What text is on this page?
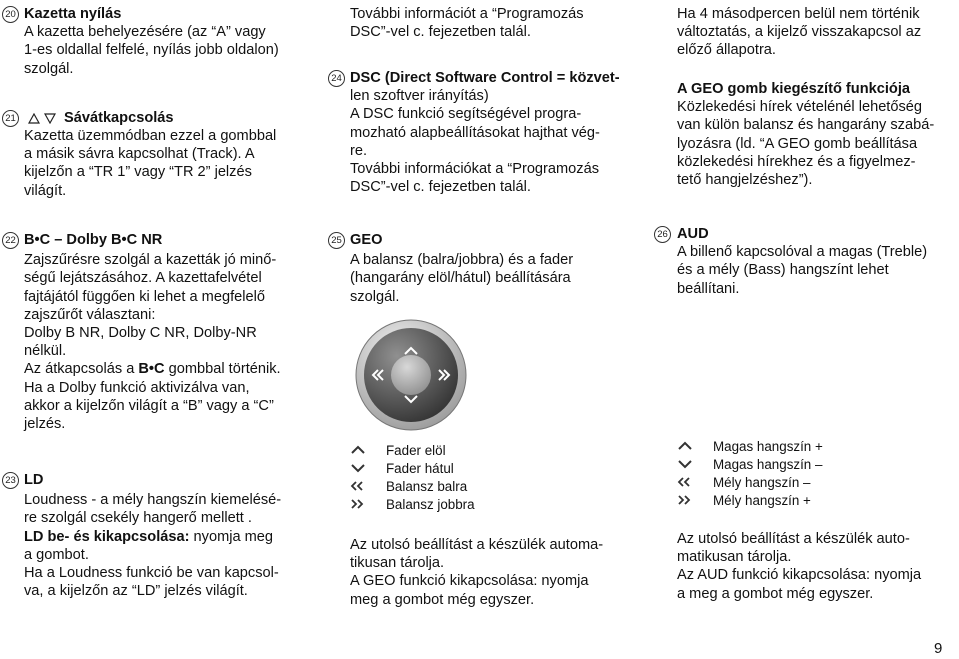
20 Kazetta nyílás
A kazetta behelyezésére (az “A” vagy
1-es oldallal felfelé, nyílás jobb oldalon)
szolgál.
21	Sávátkapcsolás
Kazetta üzemmódban ezzel a gombbal
a másik sávra kapcsolhat (Track). A
kijelzőn a “TR 1” vagy “TR 2” jelzés
világít.
22 B•C – Dolby B•C NR
Zajszűrésre szolgál a kazetták jó minő-
ségű lejátszásához. A kazettafelvétel
fajtájától függően ki lehet a megfelelő
zajszűrőt választani:
Dolby B NR, Dolby C NR, Dolby-NR
nélkül.
Az átkapcsolás a B•C gombbal történik.
Ha a Dolby funkció aktivizálva van,
akkor a kijelzőn világít a “B” vagy a “C”
jelzés.
23 LD
Loudness - a mély hangszín kiemelésé-
re szolgál csekély hangerő mellett .
LD be- és kikapcsolása: nyomja meg
a gombot.
Ha a Loudness funkció be van kapcsol-
va, a kijelzőn az “LD” jelzés világít.
További információt a “Programozás
DSC”-vel c. fejezetben talál.
24 DSC (Direct Software Control = közvet-
len szoftver irányítás)
A DSC funkció segítségével progra-
mozható alapbeállításokat hajthat vég-
re.
További információkat a “Programozás
DSC”-vel c. fejezetben talál.
25 GEO
A balansz (balra/jobbra) és a fader
(hangarány elöl/hátul) beállítására
szolgál.
Fader elöl
Fader hátul
Balansz balra
Balansz jobbra
Az utolsó beállítást a készülék automa-
tikusan tárolja.
A GEO funkció kikapcsolása: nyomja
meg a gombot még egyszer.
Ha 4 másodpercen belül nem történik
változtatás, a kijelző visszakapcsol az
előző állapotra.
A GEO gomb kiegészítő funkciója
Közlekedési hírek vételénél lehetőség
van külön balansz és hangarány szabá-
lyozásra (ld. “A GEO gomb beállítása
közlekedési hírekhez és a figyelmez-
tető hangjelzéshez”).
26 AUD
A billenő kapcsolóval a magas (Treble)
és a mély (Bass) hangszínt lehet
beállítani.
Magas hangszín +
Magas hangszín –
Mély hangszín –
Mély hangszín +
Az utolsó beállítást a készülék auto-
matikusan tárolja.
Az AUD funkció kikapcsolása: nyomja
a meg a gombot még egyszer.
9
